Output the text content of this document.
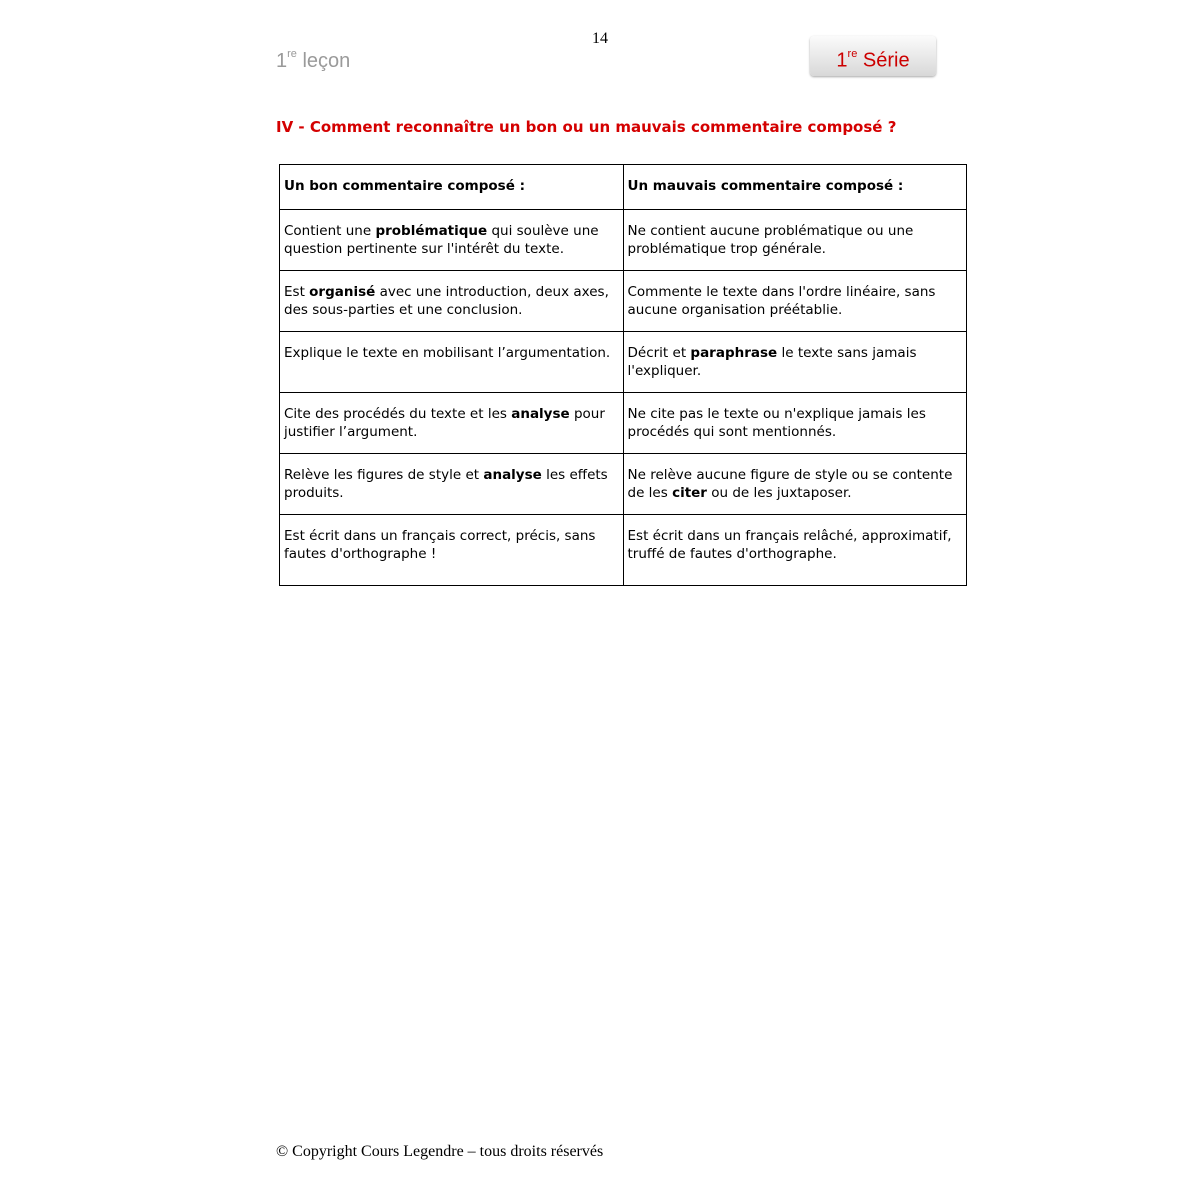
14
1re leçon	1re Série
IV - Comment reconnaître un bon ou un mauvais commentaire composé ?
Un bon commentaire composé :	Un mauvais commentaire composé :
Contient une problématique qui soulève une question pertinente sur l'intérêt du texte.	Ne contient aucune problématique ou une problématique trop générale.
Est organisé avec une introduction, deux axes, des sous-parties et une conclusion.	Commente le texte dans l'ordre linéaire, sans aucune organisation préétablie.
Explique le texte en mobilisant l’argumentation.	Décrit et paraphrase le texte sans jamais l'expliquer.
Cite des procédés du texte et les analyse pour justifier l’argument.	Ne cite pas le texte ou n'explique jamais les procédés qui sont mentionnés.
Relève les figures de style et analyse les effets produits.	Ne relève aucune figure de style ou se contente de les citer ou de les juxtaposer.
Est écrit dans un français correct, précis, sans fautes d'orthographe !	Est écrit dans un français relâché, approximatif, truffé de fautes d'orthographe.
© Copyright Cours Legendre – tous droits réservés
